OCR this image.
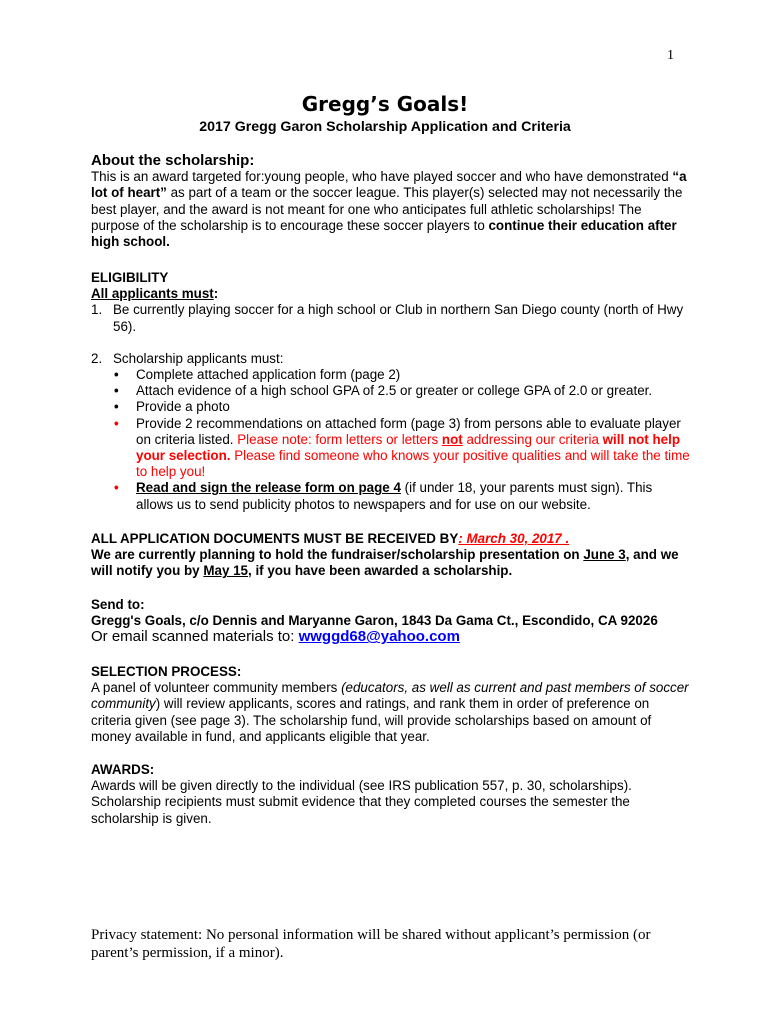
1
Gregg’s Goals!
2017 Gregg Garon Scholarship Application and Criteria
About the scholarship:
This is an award targeted for:young people, who have played soccer and who have demonstrated “a lot of heart” as part of a team or the soccer league. This player(s) selected may not necessarily the best player, and the award is not meant for one who anticipates full athletic scholarships! The purpose of the scholarship is to encourage these soccer players to continue their education after high school.
ELIGIBILITY
All applicants must:
1. Be currently playing soccer for a high school or Club in northern San Diego county (north of Hwy 56).
2. Scholarship applicants must:
• Complete attached application form (page 2)
• Attach evidence of a high school GPA of 2.5 or greater or college GPA of 2.0 or greater.
• Provide a photo
• Provide 2 recommendations on attached form (page 3) from persons able to evaluate player on criteria listed. Please note: form letters or letters not addressing our criteria will not help your selection. Please find someone who knows your positive qualities and will take the time to help you!
• Read and sign the release form on page 4 (if under 18, your parents must sign). This allows us to send publicity photos to newspapers and for use on our website.
ALL APPLICATION DOCUMENTS MUST BE RECEIVED BY: March 30, 2017 .
We are currently planning to hold the fundraiser/scholarship presentation on June 3, and we will notify you by May 15, if you have been awarded a scholarship.
Send to:
Gregg's Goals, c/o Dennis and Maryanne Garon, 1843 Da Gama Ct., Escondido, CA 92026
Or email scanned materials to: wwggd68@yahoo.com
SELECTION PROCESS:
A panel of volunteer community members (educators, as well as current and past members of soccer community) will review applicants, scores and ratings, and rank them in order of preference on criteria given (see page 3). The scholarship fund, will provide scholarships based on amount of money available in fund, and applicants eligible that year.
AWARDS:
Awards will be given directly to the individual (see IRS publication 557, p. 30, scholarships). Scholarship recipients must submit evidence that they completed courses the semester the scholarship is given.
Privacy statement: No personal information will be shared without applicant’s permission (or parent’s permission, if a minor).
